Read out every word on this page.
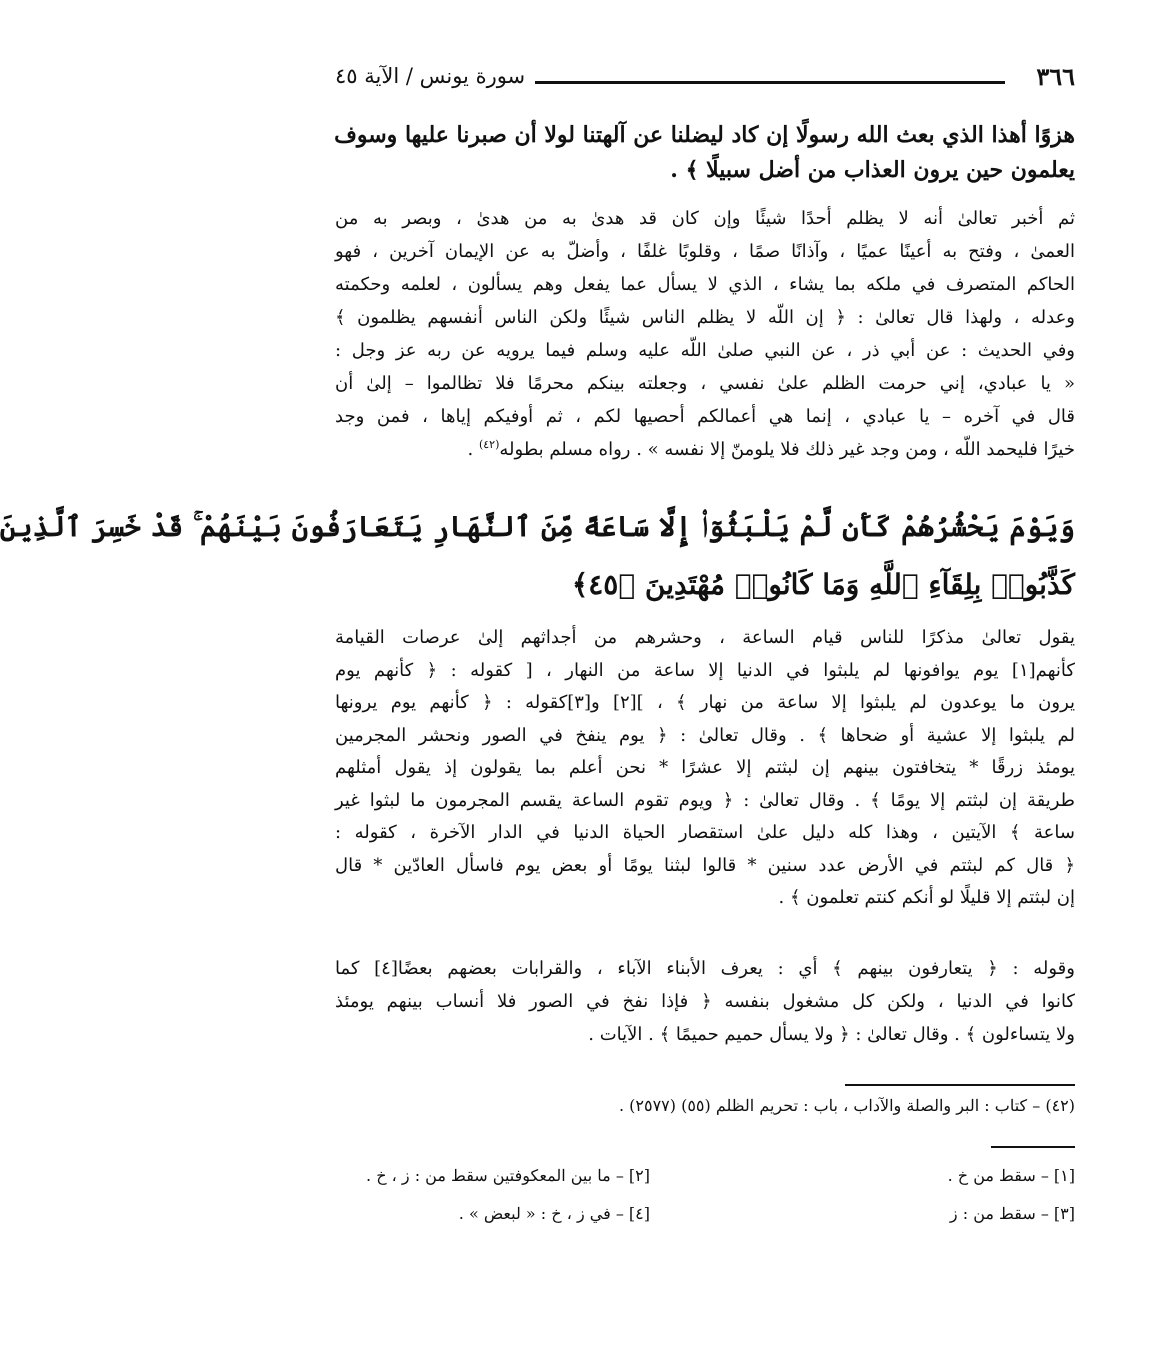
٣٦٦
سورة يونس / الآية ٤٥
هزوًا أهذا الذي بعث الله رسولًا إن كاد ليضلنا عن آلهتنا لولا أن صبرنا عليها وسوف
يعلمون حين يرون العذاب من أضل سبيلًا ﴾ .
ثم أخبر تعالىٰ أنه لا يظلم أحدًا شيئًا وإن كان قد هدىٰ به من هدىٰ ، وبصر به من
العمىٰ ، وفتح به أعينًا عميًا ، وآذانًا صمًا ، وقلوبًا غلفًا ، وأضلّ به عن الإيمان آخرين ، فهو
الحاكم المتصرف في ملكه بما يشاء ، الذي لا يسأل عما يفعل وهم يسألون ، لعلمه وحكمته
وعدله ، ولهذا قال تعالىٰ : ﴿ إن اللّه لا يظلم الناس شيئًا ولكن الناس أنفسهم يظلمون ﴾
وفي الحديث : عن أبي ذر ، عن النبي صلىٰ اللّه عليه وسلم فيما يرويه عن ربه عز وجل :
« يا عبادي، إني حرمت الظلم علىٰ نفسي ، وجعلته بينكم محرمًا فلا تظالموا – إلىٰ أن
قال في آخره – يا عبادي ، إنما هي أعمالكم أحصيها لكم ، ثم أوفيكم إياها ، فمن وجد
خيرًا فليحمد اللّه ، ومن وجد غير ذلك فلا يلومنّ إلا نفسه » . رواه مسلم بطوله$^{(٤٢)}$ .
وَيَوْمَ يَحْشُرُهُمْ كَأَن لَّمْ يَلْبَثُوٓا۟ إِلَّا سَاعَةً مِّنَ ٱلنَّهَارِ يَتَعَارَفُونَ بَيْنَهُمْ ۚ قَدْ خَسِرَ ٱلَّذِينَ
كَذَّبُوا۟ بِلِقَآءِ ٱللَّهِ وَمَا كَانُوا۟ مُهْتَدِينَ ﴿٤٥﴾
يقول تعالىٰ مذكرًا للناس قيام الساعة ، وحشرهم من أجداثهم إلىٰ عرصات القيامة
كأنهم[١] يوم يوافونها لم يلبثوا في الدنيا إلا ساعة من النهار ، [ كقوله : ﴿ كأنهم يوم
يرون ما يوعدون لم يلبثوا إلا ساعة من نهار ﴾ ، ][٢] و[٣]كقوله : ﴿ كأنهم يوم يرونها
لم يلبثوا إلا عشية أو ضحاها ﴾ . وقال تعالىٰ : ﴿ يوم ينفخ في الصور ونحشر المجرمين
يومئذ زرقًا * يتخافتون بينهم إن لبثتم إلا عشرًا * نحن أعلم بما يقولون إذ يقول أمثلهم
طريقة إن لبثتم إلا يومًا ﴾ . وقال تعالىٰ : ﴿ ويوم تقوم الساعة يقسم المجرمون ما لبثوا غير
ساعة ﴾ الآيتين ، وهذا كله دليل علىٰ استقصار الحياة الدنيا في الدار الآخرة ، كقوله :
﴿ قال كم لبثتم في الأرض عدد سنين * قالوا لبثنا يومًا أو بعض يوم فاسأل العادّين * قال
إن لبثتم إلا قليلًا لو أنكم كنتم تعلمون ﴾ .
وقوله : ﴿ يتعارفون بينهم ﴾ أي : يعرف الأبناء الآباء ، والقرابات بعضهم بعضًا[٤] كما
كانوا في الدنيا ، ولكن كل مشغول بنفسه ﴿ فإذا نفخ في الصور فلا أنساب بينهم يومئذ
ولا يتساءلون ﴾ . وقال تعالىٰ : ﴿ ولا يسأل حميم حميمًا ﴾ . الآيات .
(٤٢) – كتاب : البر والصلة والآداب ، باب : تحريم الظلم (٥٥) (٢٥٧٧) .
[١] – سقط من خ .
[٢] – ما بين المعكوفتين سقط من : ز ، خ .
[٣] – سقط من : ز
[٤] – في ز ، خ : « لبعض » .
